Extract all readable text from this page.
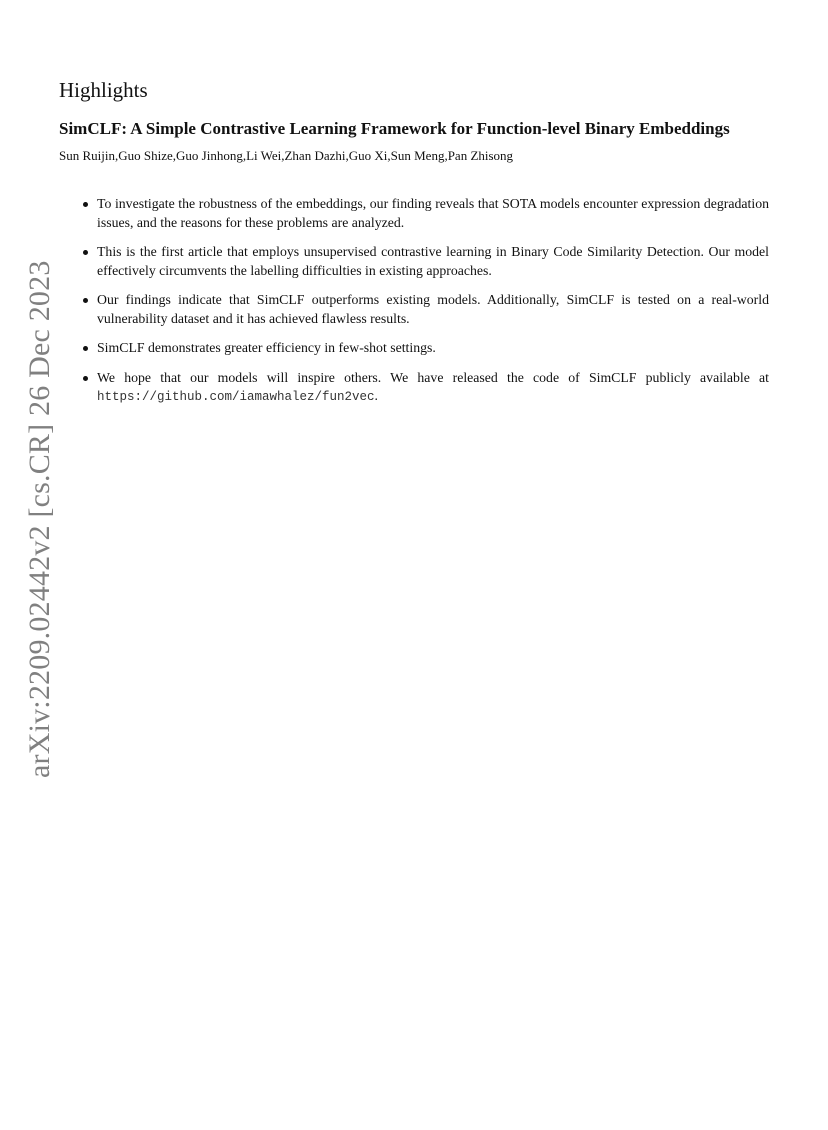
arXiv:2209.02442v2 [cs.CR] 26 Dec 2023
Highlights
SimCLF: A Simple Contrastive Learning Framework for Function-level Binary Embeddings

Sun Ruijin,Guo Shize,Guo Jinhong,Li Wei,Zhan Dazhi,Guo Xi,Sun Meng,Pan Zhisong

To investigate the robustness of the embeddings, our finding reveals that SOTA models encounter expression degradation issues, and the reasons for these problems are analyzed.
This is the first article that employs unsupervised contrastive learning in Binary Code Similarity Detection. Our model effectively circumvents the labelling difficulties in existing approaches.
Our findings indicate that SimCLF outperforms existing models. Additionally, SimCLF is tested on a real-world vulnerability dataset and it has achieved flawless results.
SimCLF demonstrates greater efficiency in few-shot settings.
We hope that our models will inspire others. We have released the code of SimCLF publicly available at https://github.com/iamawhalez/fun2vec.
